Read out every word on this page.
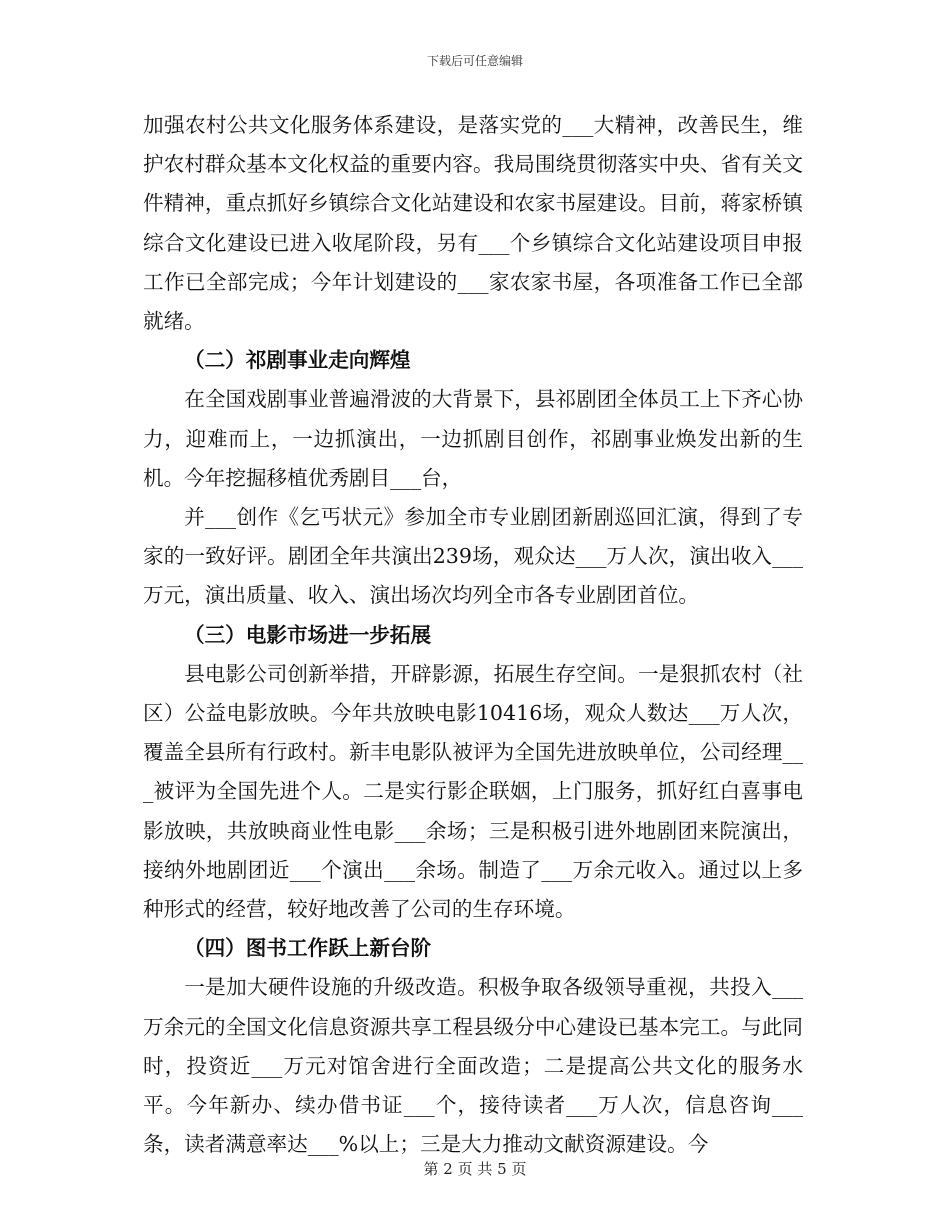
下载后可任意编辑

加强农村公共文化服务体系建设，是落实党的___大精神，改善民生，维护农村群众基本文化权益的重要内容。我局围绕贯彻落实中央、省有关文件精神，重点抓好乡镇综合文化站建设和农家书屋建设。目前，蒋家桥镇综合文化建设已进入收尾阶段，另有___个乡镇综合文化站建设项目申报工作已全部完成；今年计划建设的___家农家书屋，各项准备工作已全部就绪。

（二）祁剧事业走向辉煌

在全国戏剧事业普遍滑波的大背景下，县祁剧团全体员工上下齐心协力，迎难而上，一边抓演出，一边抓剧目创作，祁剧事业焕发出新的生机。今年挖掘移植优秀剧目___台，

并___创作《乞丐状元》参加全市专业剧团新剧巡回汇演，得到了专家的一致好评。剧团全年共演出239场，观众达___万人次，演出收入___万元，演出质量、收入、演出场次均列全市各专业剧团首位。

（三）电影市场进一步拓展

县电影公司创新举措，开辟影源，拓展生存空间。一是狠抓农村（社区）公益电影放映。今年共放映电影10416场，观众人数达___万人次，覆盖全县所有行政村。新丰电影队被评为全国先进放映单位，公司经理___被评为全国先进个人。二是实行影企联姻，上门服务，抓好红白喜事电影放映，共放映商业性电影___余场；三是积极引进外地剧团来院演出，接纳外地剧团近___个演出___余场。制造了___万余元收入。通过以上多种形式的经营，较好地改善了公司的生存环境。

（四）图书工作跃上新台阶

一是加大硬件设施的升级改造。积极争取各级领导重视，共投入___万余元的全国文化信息资源共享工程县级分中心建设已基本完工。与此同时，投资近___万元对馆舍进行全面改造；二是提高公共文化的服务水平。今年新办、续办借书证___个，接待读者___万人次，信息咨询___条，读者满意率达___%以上；三是大力推动文献资源建设。今

第 2 页 共 5 页
